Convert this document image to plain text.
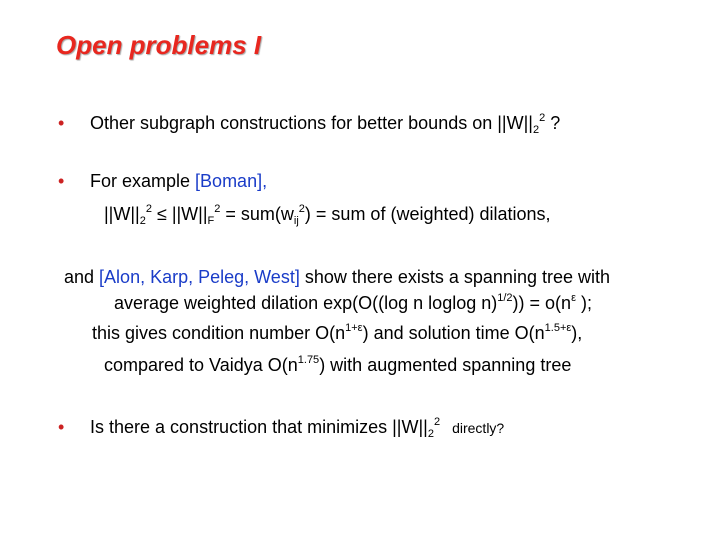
Open problems I
• Other subgraph constructions for better bounds on $||W||_2^2$ ?
• For example [Boman],
$||W||_2^2 \le ||W||_F^2 = sum(w_{ij}^2)$ = sum of (weighted) dilations,
and [Alon, Karp, Peleg, West] show there exists a spanning tree with
average weighted dilation exp(O((log n loglog $n)^{1/2})) = o(n^\varepsilon$ );
this gives condition number $O(n^{1+\varepsilon})$ and solution time $O(n^{1.5+\varepsilon})$,
compared to Vaidya $O(n^{1.75})$ with augmented spanning tree
• Is there a construction that minimizes $||W||_2^2$ directly?
